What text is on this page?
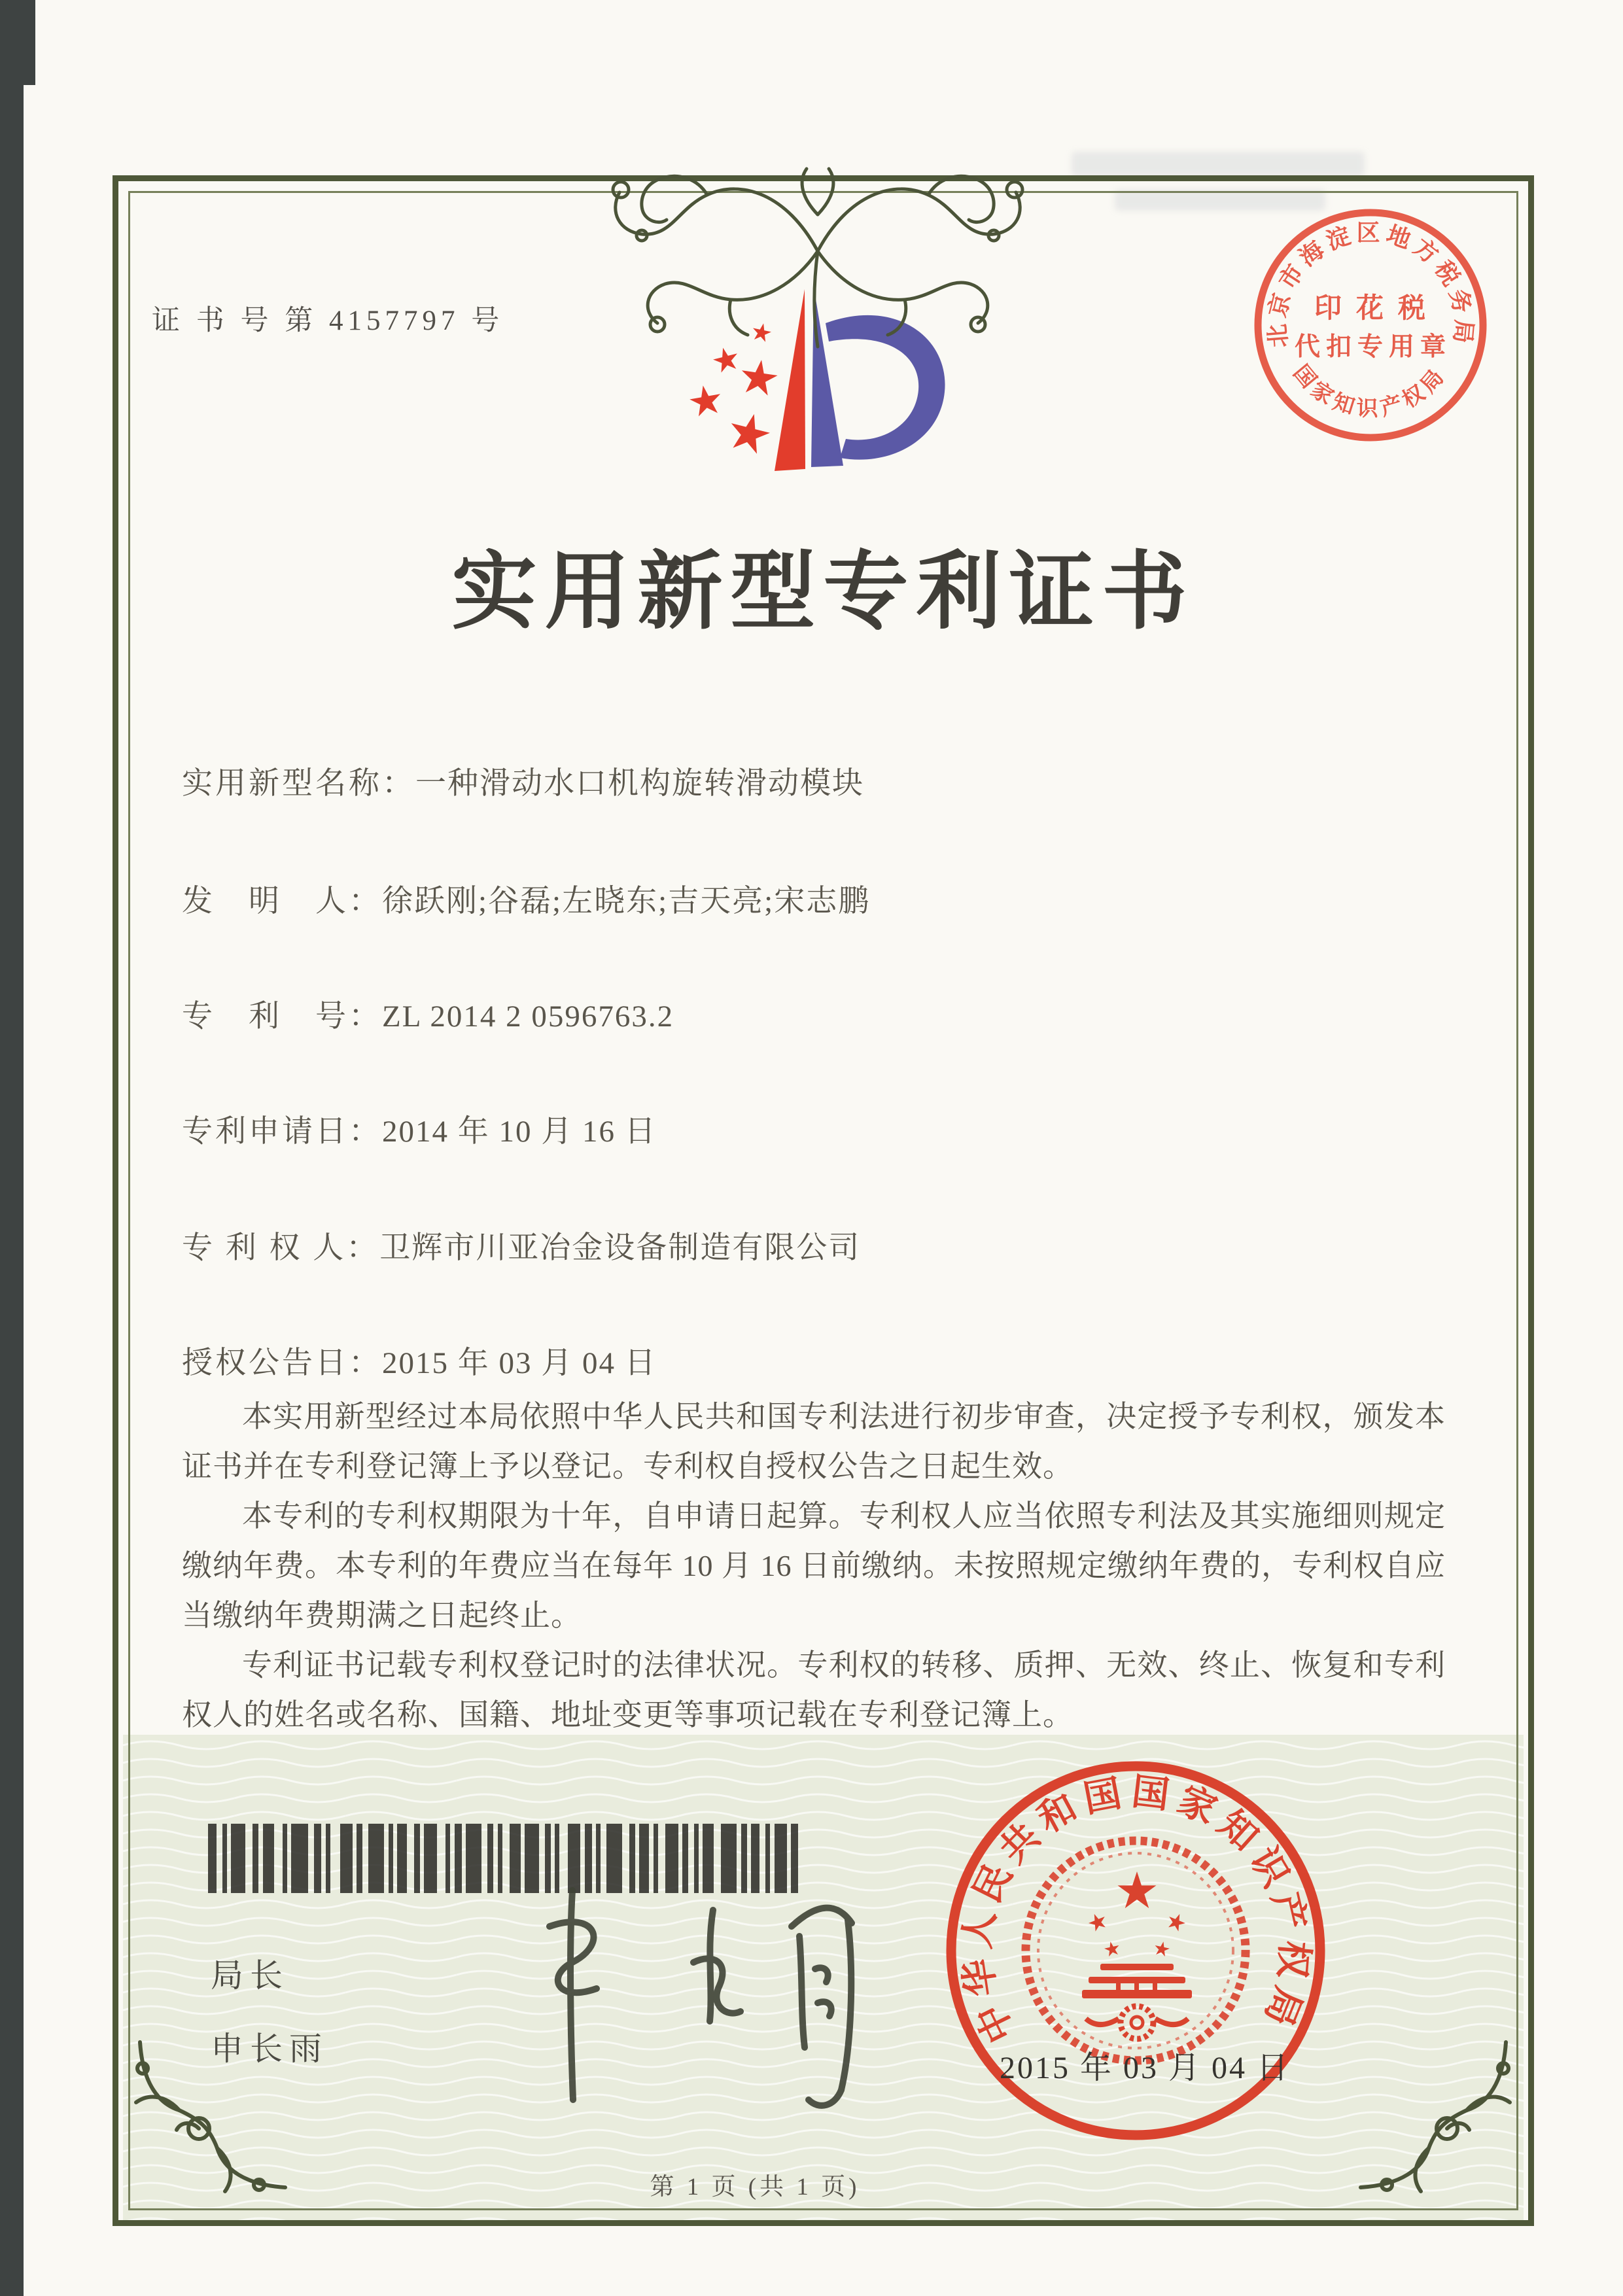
证 书 号 第 4157797 号	北京市海淀区地方税务局
国家知识产权局
印花税
代扣专用章
实用新型专利证书
实用新型名称：一种滑动水口机构旋转滑动模块
发　明　人：徐跃刚;谷磊;左晓东;吉天亮;宋志鹏
专　利　号：ZL 2014 2 0596763.2
专利申请日：2014 年 10 月 16 日
专 利 权 人：卫辉市川亚冶金设备制造有限公司
授权公告日：2015 年 03 月 04 日

本实用新型经过本局依照中华人民共和国专利法进行初步审查，决定授予专利权，颁发本证书并在专利登记簿上予以登记。专利权自授权公告之日起生效。

本专利的专利权期限为十年，自申请日起算。专利权人应当依照专利法及其实施细则规定缴纳年费。本专利的年费应当在每年 10 月 16 日前缴纳。未按照规定缴纳年费的，专利权自应当缴纳年费期满之日起终止。

专利证书记载专利权登记时的法律状况。专利权的转移、质押、无效、终止、恢复和专利权人的姓名或名称、国籍、地址变更等事项记载在专利登记簿上。

局长
申长雨	中华人民共和国国家知识产权局
2015 年 03 月 04 日
第 1 页 (共 1 页)
